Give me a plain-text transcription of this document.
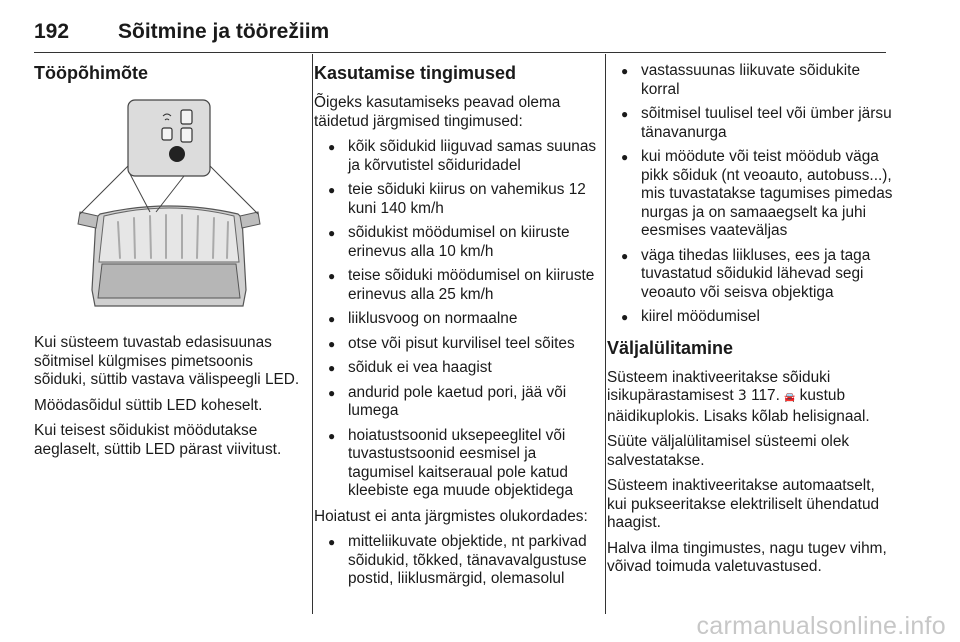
192 Sõitmine ja töörežiim
Tööpõhimõte

Kui süsteem tuvastab edasisuunas sõitmisel külgmises pimetsoonis sõiduki, süttib vastava välispeegli LED.

Möödasõidul süttib LED koheselt.

Kui teisest sõidukist möödutakse aeglaselt, süttib LED pärast viivitust.

Kasutamise tingimused

Õigeks kasutamiseks peavad olema täidetud järgmised tingimused:

● kõik sõidukid liiguvad samas suunas ja kõrvutistel sõiduridadel
● teie sõiduki kiirus on vahemikus 12 kuni 140 km/h
● sõidukist möödumisel on kiiruste erinevus alla 10 km/h
● teise sõiduki möödumisel on kiiruste erinevus alla 25 km/h
● liiklusvoog on normaalne
● otse või pisut kurvilisel teel sõites
● sõiduk ei vea haagist
● andurid pole kaetud pori, jää või lumega
● hoiatustsoonid uksepeeglitel või tuvastustsoonid eesmisel ja tagumisel kaitseraual pole katud kleebiste ega muude objektidega

Hoiatust ei anta järgmistes olukordades:

● mitteliikuvate objektide, nt parkivad sõidukid, tõkked, tänavavalgustuse postid, liiklusmärgid, olemasolul
● vastassuunas liikuvate sõidukite korral
● sõitmisel tuulisel teel või ümber järsu tänavanurga
● kui möödute või teist möödub väga pikk sõiduk (nt veoauto, autobuss...), mis tuvastatakse tagumises pimedas nurgas ja on samaaegselt ka juhi eesmises vaateväljas
● väga tihedas liikluses, ees ja taga tuvastatud sõidukid lähevad segi veoauto või seisva objektiga
● kiirel möödumisel
Väljalülitamine

Süsteem inaktiveeritakse sõiduki isikupärastamisest 3 117. 🚘 kustub näidikuplokis. Lisaks kõlab helisignaal.

Süüte väljalülitamisel süsteemi olek salvestatakse.

Süsteem inaktiveeritakse automaatselt, kui pukseeritakse elektriliselt ühendatud haagist.

Halva ilma tingimustes, nagu tugev vihm, võivad toimuda valetuvastused.

carmanualsonline.info
